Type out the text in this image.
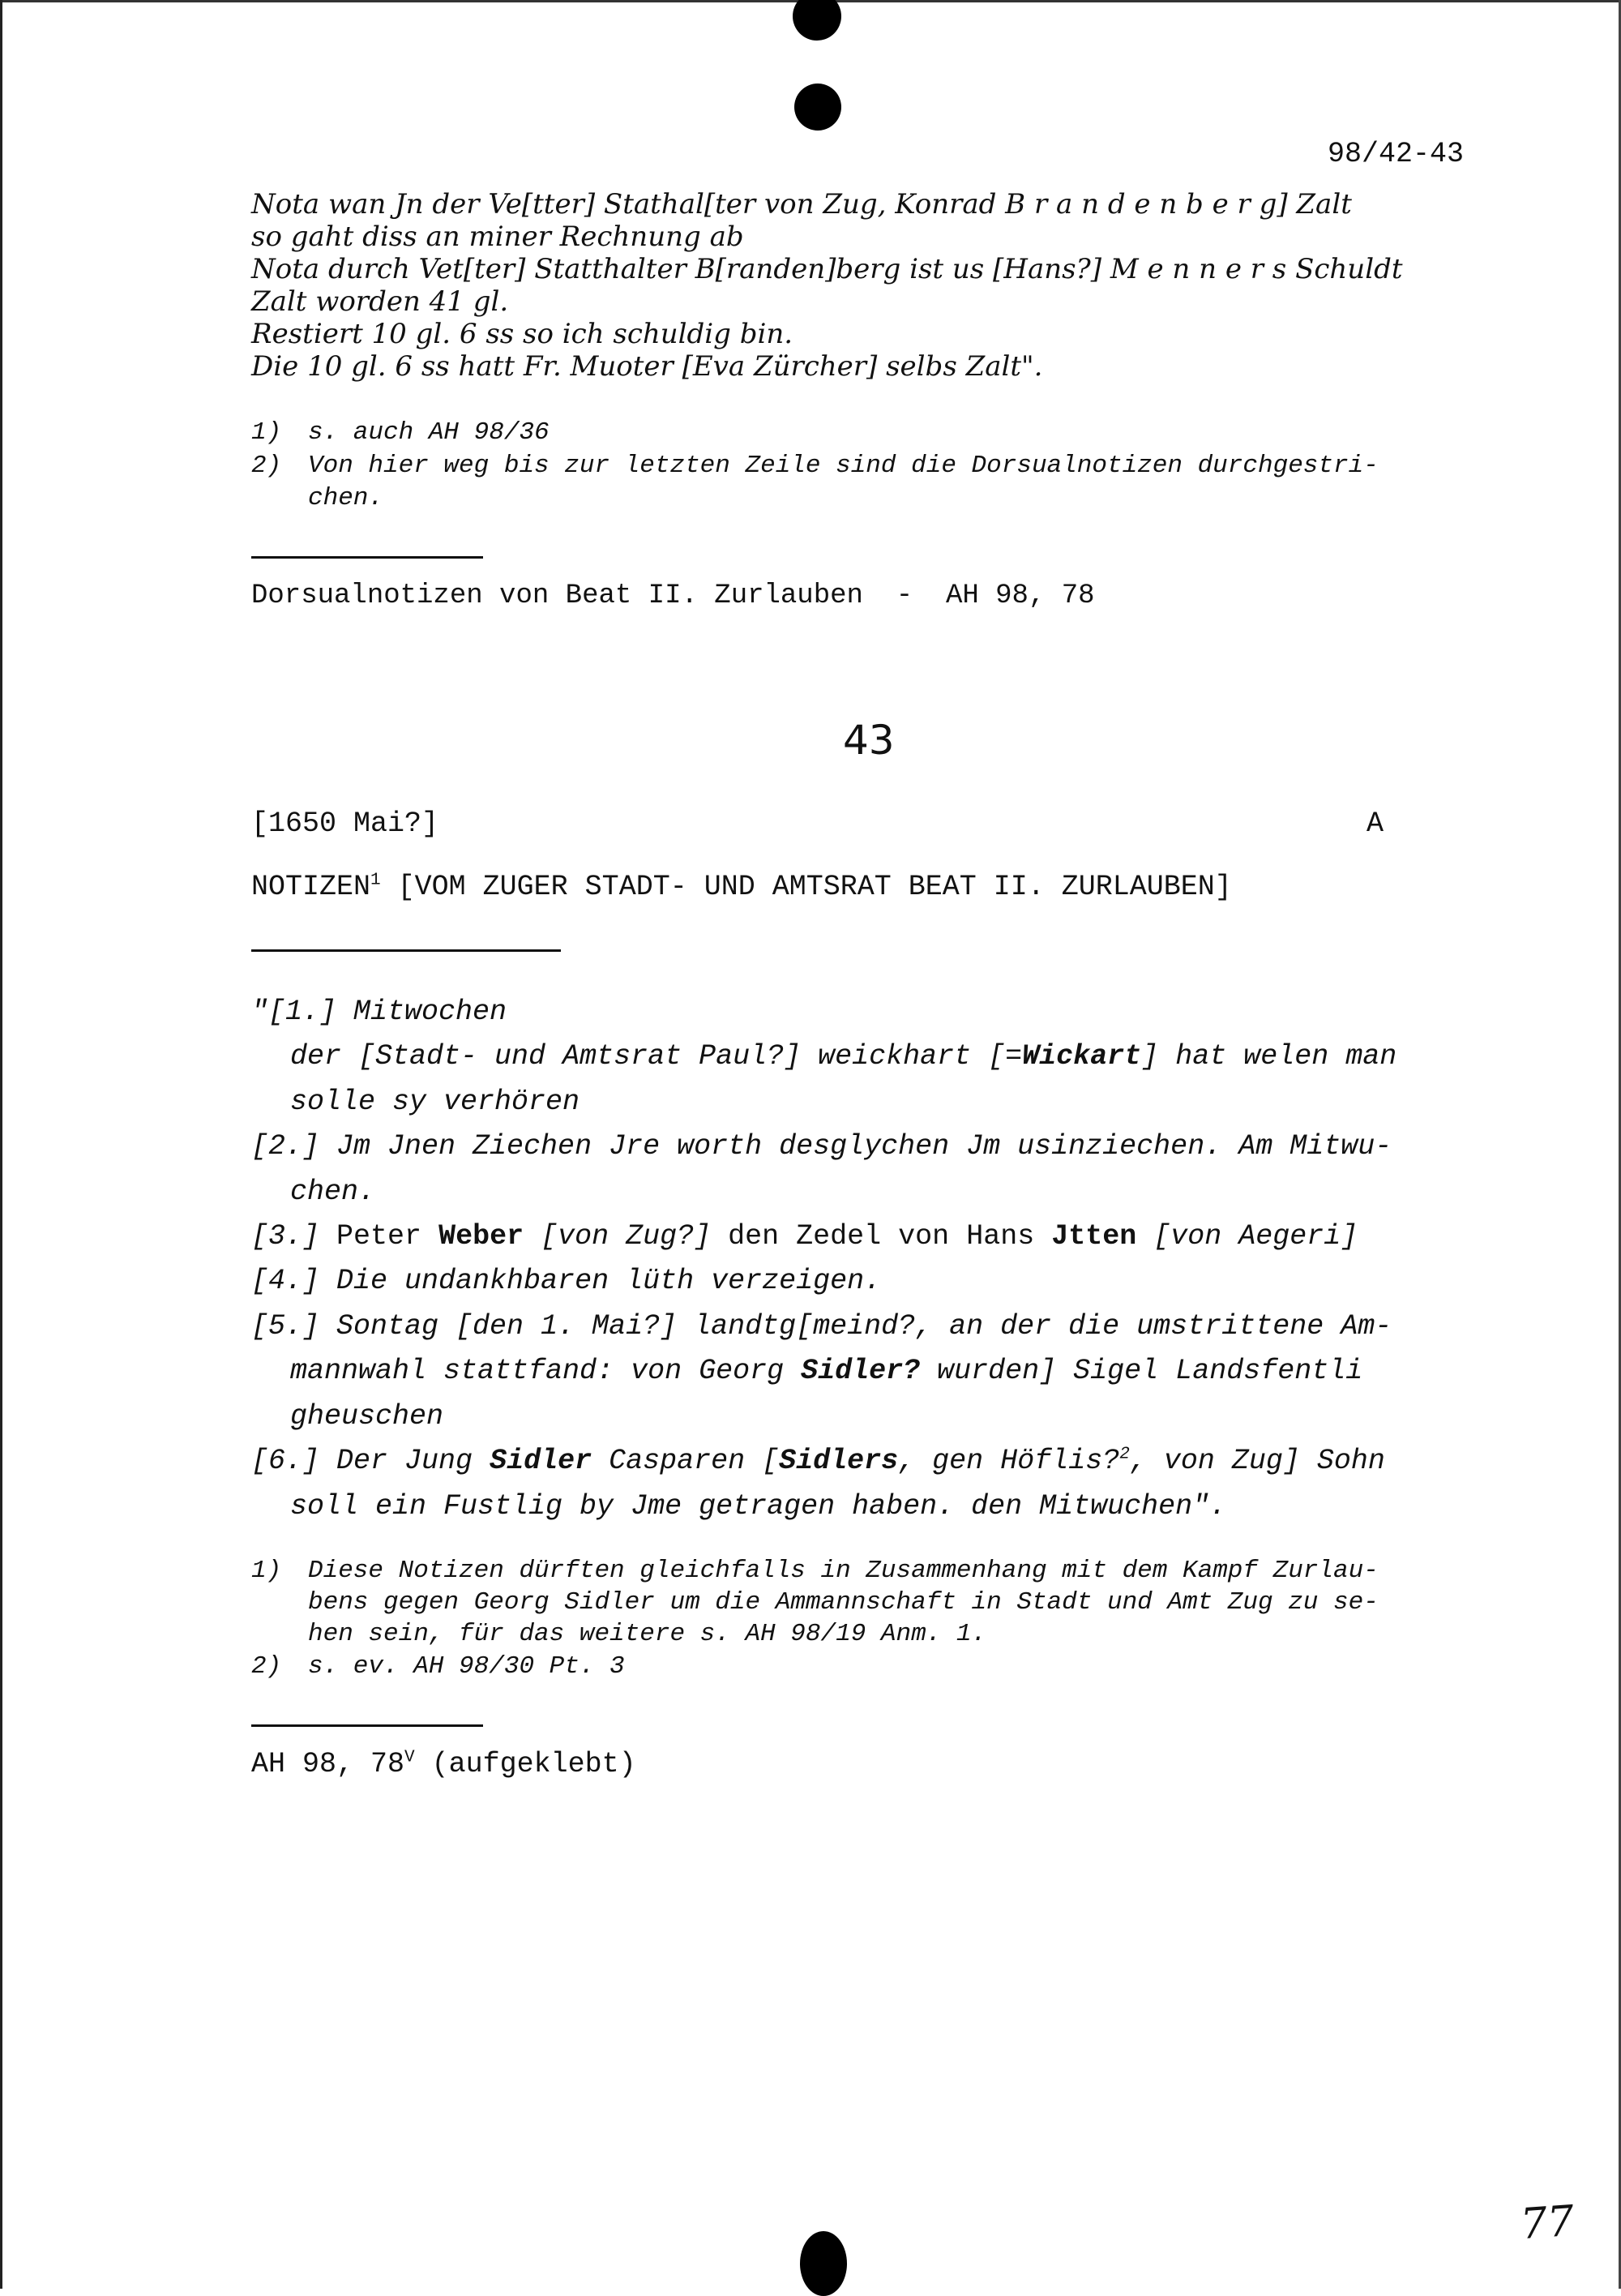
98/42-43
Nota wan Jn der Ve[tter] Stathal[ter von Zug, Konrad B r a n d e n b e r g] Zalt
so gaht diss an miner Rechnung ab
Nota durch Vet[ter] Statthalter B[randen]berg ist us [Hans?] M e n n e r s Schuldt
Zalt worden 41 gl.
Restiert 10 gl. 6 ss so ich schuldig bin.
Die 10 gl. 6 ss hatt Fr. Muoter [Eva Zürcher] selbs Zalt".
1) s. auch AH 98/36
2) Von hier weg bis zur letzten Zeile sind die Dorsualnotizen durchgestri-
chen.
Dorsualnotizen von Beat II. Zurlauben  -  AH 98, 78
43
[1650 Mai?]	A
NOTIZEN$^1$ [VOM ZUGER STADT- UND AMTSRAT BEAT II. ZURLAUBEN]
"[1.] Mitwochen
der [Stadt- und Amtsrat Paul?] weickhart [=Wickart] hat welen man
solle sy verhören
[2.] Jm Jnen Ziechen Jre worth desglychen Jm usinziechen. Am Mitwu-
chen.
[3.] Peter Weber [von Zug?] den Zedel von Hans Jtten [von Aegeri]
[4.] Die undankhbaren lüth verzeigen.
[5.] Sontag [den 1. Mai?] landtg[meind?, an der die umstrittene Am-
mannwahl stattfand: von Georg Sidler? wurden] Sigel Landsfentli
gheuschen
[6.] Der Jung Sidler Casparen [Sidlers, gen Höflis?$^2$, von Zug] Sohn
soll ein Fustlig by Jme getragen haben. den Mitwuchen".
1) Diese Notizen dürften gleichfalls in Zusammenhang mit dem Kampf Zurlau-
bens gegen Georg Sidler um die Ammannschaft in Stadt und Amt Zug zu se-
hen sein, für das weitere s. AH 98/19 Anm. 1.
2) s. ev. AH 98/30 Pt. 3
AH 98, $78^V$ (aufgeklebt)
77
